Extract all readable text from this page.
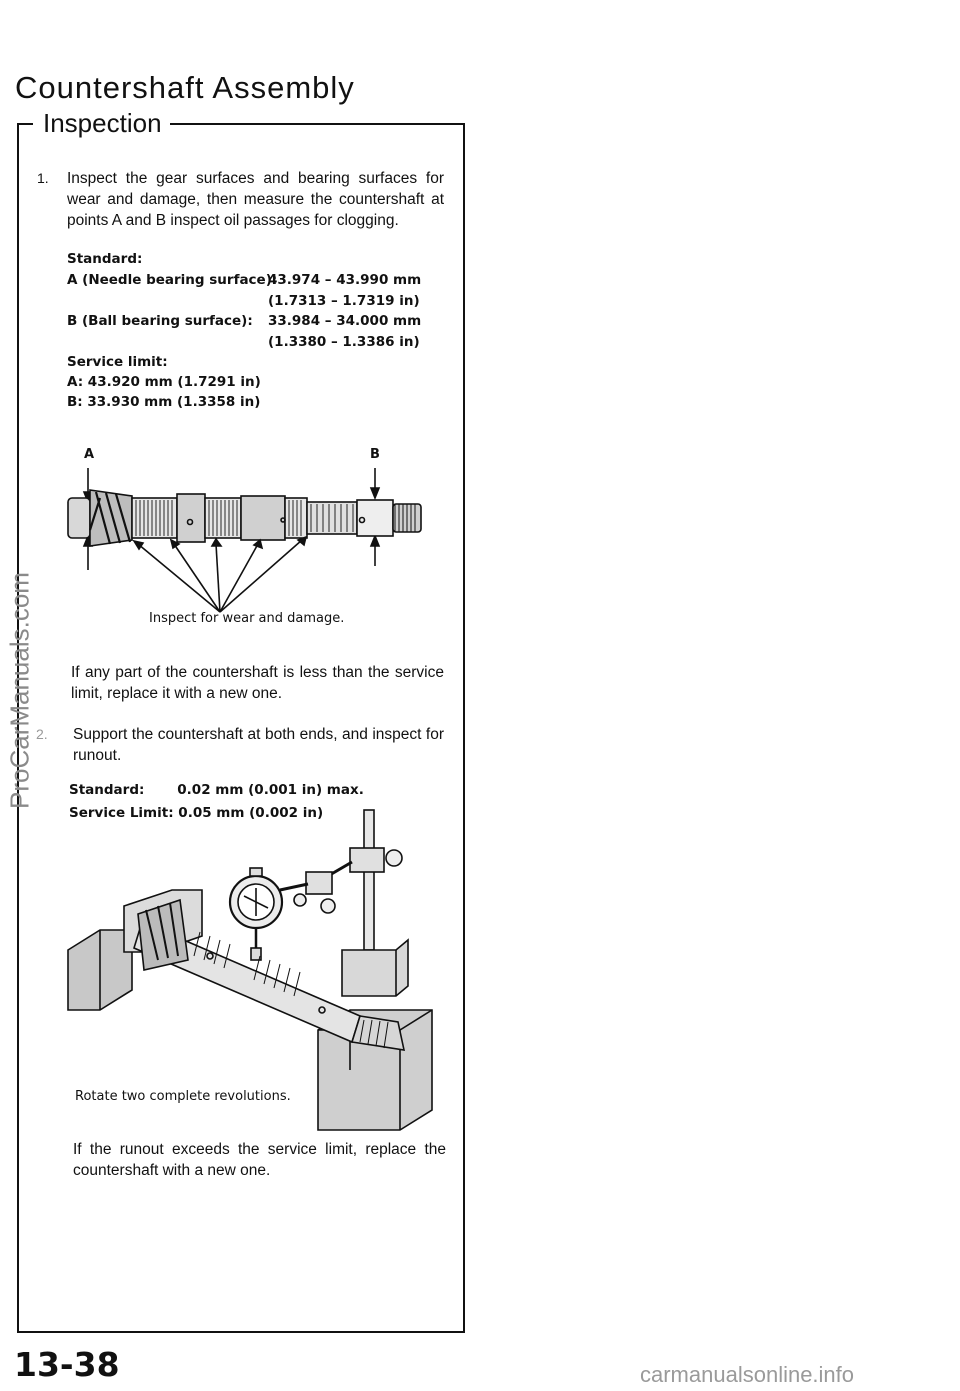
Countershaft Assembly
Inspection
1. Inspect the gear surfaces and bearing surfaces for wear and damage, then measure the countershaft at points A and B inspect oil passages for clogging.
Standard:
A (Needle bearing surface):
43.974 – 43.990 mm
(1.7313 – 1.7319 in)
B (Ball bearing surface): 33.984 – 34.000 mm
(1.3380 – 1.3386 in)
Service limit:
A: 43.920 mm (1.7291 in)
B: 33.930 mm (1.3358 in)
A	B
Inspect for wear and damage.
If any part of the countershaft is less than the service limit, replace it with a new one.
2. Support the countershaft at both ends, and inspect for runout.
Standard:       0.02 mm (0.001 in) max.
Service Limit: 0.05 mm (0.002 in)
Rotate two complete revolutions.
If the runout exceeds the service limit, replace the countershaft with a new one.
13-38
ProCarManuals.com
carmanualsonline.info
